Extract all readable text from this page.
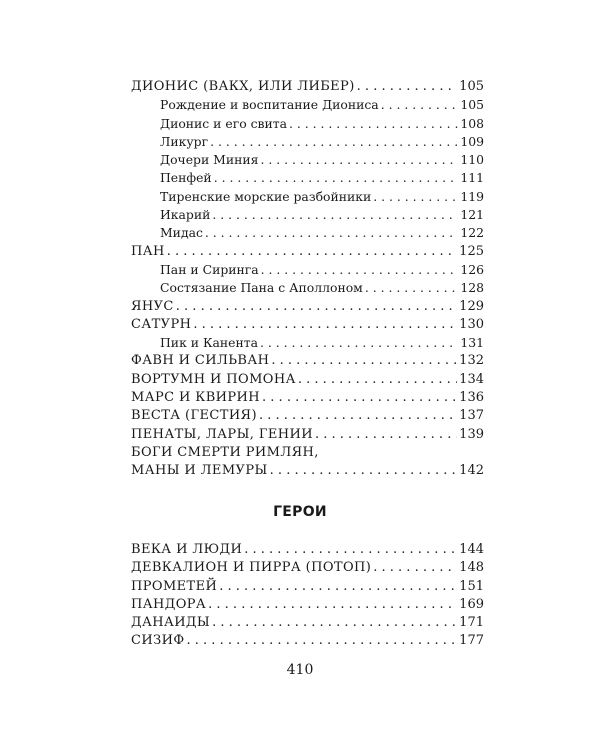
ДИОНИС (ВАКХ, ИЛИ ЛИБЕР) . . .	105
Рождение и воспитание Диониса . . .	105
Дионис и его свита . . .	108
Ликург . . .	109
Дочери Миния . . .	110
Пенфей . . .	111
Тиренские морские разбойники . . .	119
Икарий . . .	121
Мидас . . .	122
ПАН . . .	125
Пан и Сиринга . . .	126
Состязание Пана с Аполлоном . . .	128
ЯНУС . . .	129
САТУРН . . .	130
Пик и Канента . . .	131
ФАВН И СИЛЬВАН . . .	132
ВОРТУМН И ПОМОНА . . .	134
МАРС И КВИРИН . . .	136
ВЕСТА (ГЕСТИЯ) . . .	137
ПЕНАТЫ, ЛАРЫ, ГЕНИИ . . .	139
БОГИ СМЕРТИ РИМЛЯН,
МАНЫ И ЛЕМУРЫ . . .	142
ГЕРОИ
ВЕКА И ЛЮДИ . . .	144
ДЕВКАЛИОН И ПИРРА (ПОТОП) . . .	148
ПРОМЕТЕЙ . . .	151
ПАНДОРА . . .	169
ДАНАИДЫ . . .	171
СИЗИФ . . .	177
410
